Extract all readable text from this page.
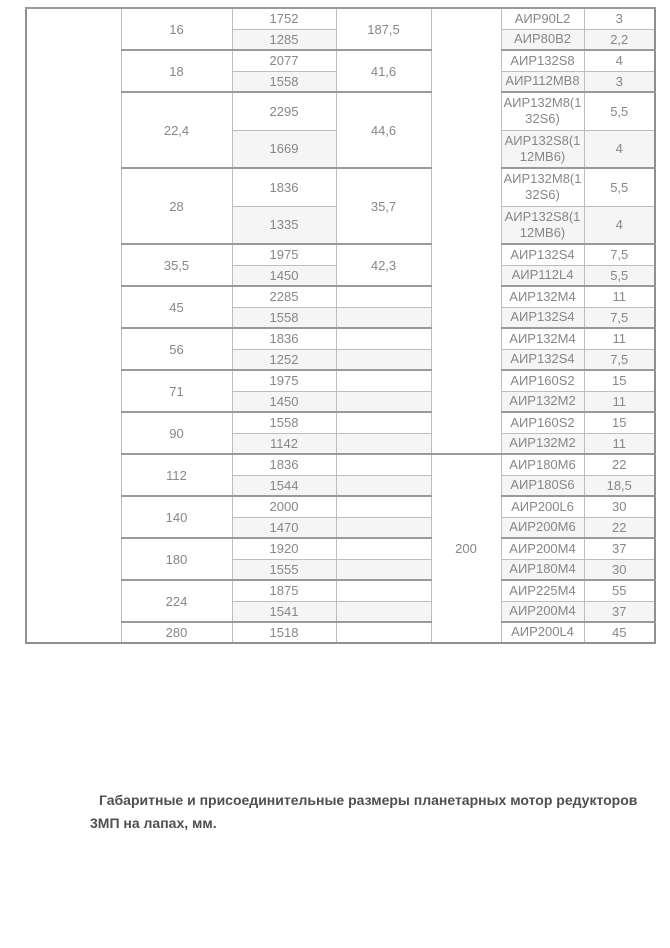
	16	1752	187,5		АИР90L2	3
		1285			АИР80В2	2,2
	18	2077	41,6		АИР132S8	4
		1558			АИР112МВ8	3
	22,4	2295	44,6		АИР132М8(132S6)	5,5
		1669			АИР132S8(112МВ6)	4
	28	1836	35,7		АИР132М8(132S6)	5,5
		1335			АИР132S8(112МВ6)	4
	35,5	1975	42,3		АИР132S4	7,5
		1450			АИР112L4	5,5
	45	2285			АИР132М4	11
		1558			АИР132S4	7,5
	56	1836			АИР132М4	11
		1252			АИР132S4	7,5
	71	1975			АИР160S2	15
		1450			АИР132М2	11
	90	1558			АИР160S2	15
		1142			АИР132М2	11
	112	1836		200	АИР180М6	22
		1544			АИР180S6	18,5
	140	2000			АИР200L6	30
		1470			АИР200М6	22
	180	1920			АИР200М4	37
		1555			АИР180М4	30
	224	1875			АИР225М4	55
		1541			АИР200М4	37
	280	1518			АИР200L4	45
Габаритные и присоединительные размеры планетарных мотор редукторов
3МП на лапах, мм.
